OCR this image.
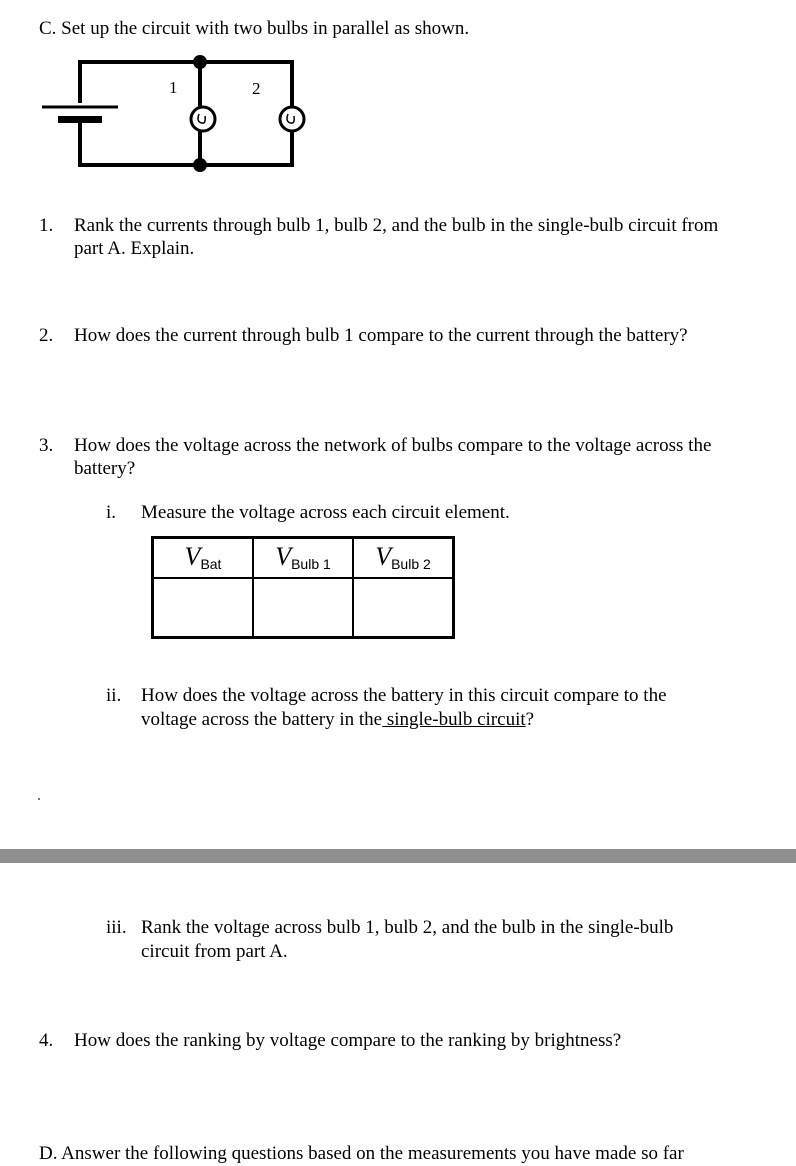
C. Set up the circuit with two bulbs in parallel as shown.
1	2
1. Rank the currents through bulb 1, bulb 2, and the bulb in the single-bulb circuit from
part A. Explain.
2. How does the current through bulb 1 compare to the current through the battery?
3. How does the voltage across the network of bulbs compare to the voltage across the
battery?
i. Measure the voltage across each circuit element.
$V_{Bat}$	$V_{Bulb 1}$	$V_{Bulb 2}$

ii. How does the voltage across the battery in this circuit compare to the
voltage across the battery in the single-bulb circuit?
iii. Rank the voltage across bulb 1, bulb 2, and the bulb in the single-bulb
circuit from part A.
4. How does the ranking by voltage compare to the ranking by brightness?
D. Answer the following questions based on the measurements you have made so far
